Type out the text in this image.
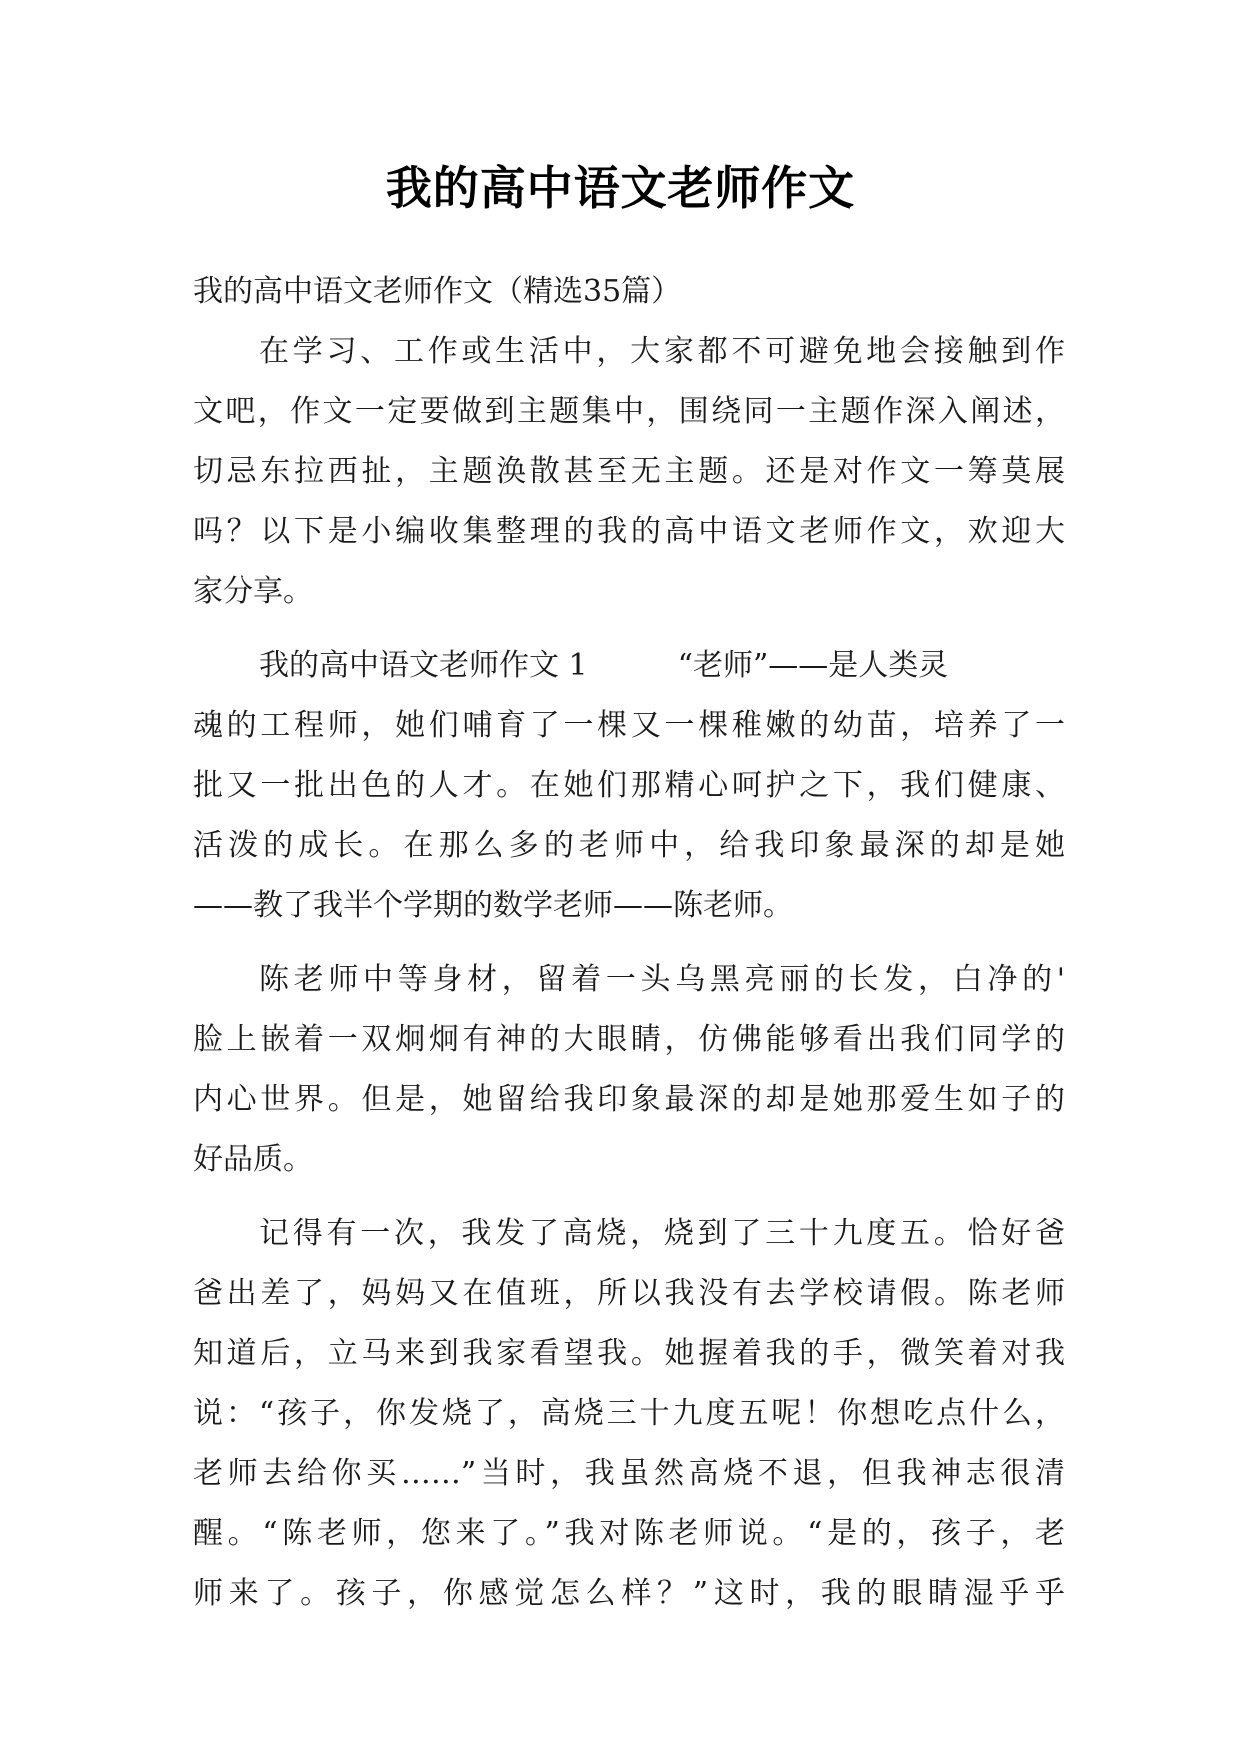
我的高中语文老师作文
我的高中语文老师作文（精选35篇）
在学习、工作或生活中，大家都不可避免地会接触到作
文吧，作文一定要做到主题集中，围绕同一主题作深入阐述，
切忌东拉西扯，主题涣散甚至无主题。还是对作文一筹莫展
吗？以下是小编收集整理的我的高中语文老师作文，欢迎大
家分享。
我的高中语文老师作文 1	“老师”——是人类灵
魂的工程师，她们哺育了一棵又一棵稚嫩的幼苗，培养了一
批又一批出色的人才。在她们那精心呵护之下，我们健康、
活泼的成长。在那么多的老师中，给我印象最深的却是她
——教了我半个学期的数学老师——陈老师。
陈老师中等身材，留着一头乌黑亮丽的长发，白净的'
脸上嵌着一双炯炯有神的大眼睛，仿佛能够看出我们同学的
内心世界。但是，她留给我印象最深的却是她那爱生如子的
好品质。
记得有一次，我发了高烧，烧到了三十九度五。恰好爸
爸出差了，妈妈又在值班，所以我没有去学校请假。陈老师
知道后，立马来到我家看望我。她握着我的手，微笑着对我
说：“孩子，你发烧了，高烧三十九度五呢！你想吃点什么，
老师去给你买……”当时，我虽然高烧不退，但我神志很清
醒。“陈老师，您来了。”我对陈老师说。“是的，孩子，老
师来了。孩子，你感觉怎么样？”这时，我的眼睛湿乎乎
